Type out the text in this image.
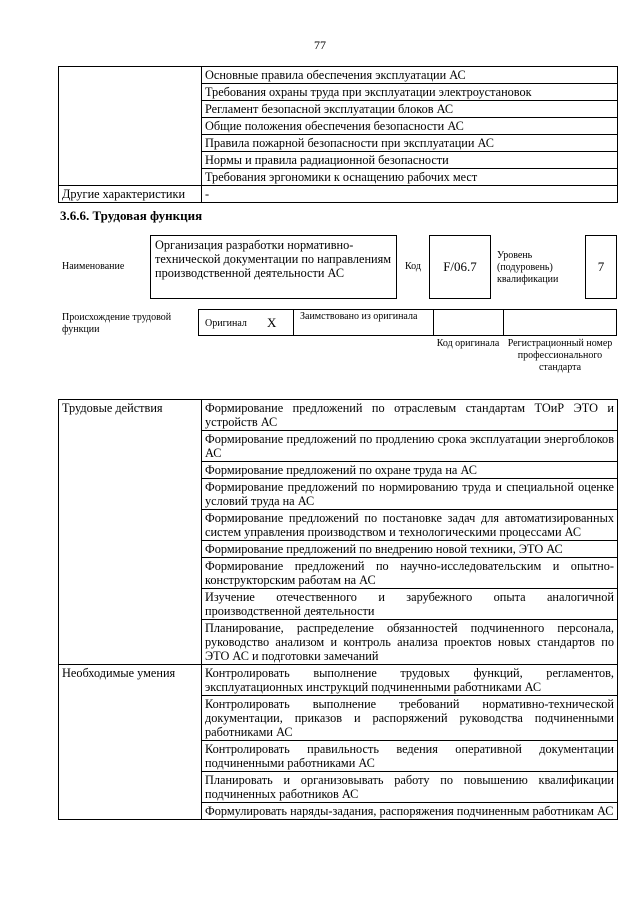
77
	Основные правила обеспечения эксплуатации АС
	Требования охраны труда при эксплуатации электроустановок
	Регламент безопасной эксплуатации блоков АС
	Общие положения обеспечения безопасности АС
	Правила пожарной безопасности при эксплуатации АС
	Нормы и правила радиационной безопасности
	Требования эргономики к оснащению рабочих мест
Другие характеристики	-
3.6.6. Трудовая функция
Наименование
Организация разработки нормативно-технической документации по направлениям производственной деятельности АС	Код	F/06.7
Уровень (подуровень) квалификации
7
Происхождение трудовой функции
Оригинал X Заимствовано из оригинала
Код оригинала Регистрационный номер профессионального стандарта
Трудовые действия	Формирование предложений по отраслевым стандартам ТОиР ЭТО и устройств АС
	Формирование предложений по продлению срока эксплуатации энергоблоков АС
	Формирование предложений по охране труда на АС
	Формирование предложений по нормированию труда и специальной оценке условий труда на АС
	Формирование предложений по постановке задач для автоматизированных систем управления производством и технологическими процессами АС
	Формирование предложений по внедрению новой техники, ЭТО АС
	Формирование предложений по научно-исследовательским и опытно-конструкторским работам на АС
	Изучение отечественного и зарубежного опыта аналогичной производственной деятельности
	Планирование, распределение обязанностей подчиненного персонала, руководство анализом и контроль анализа проектов новых стандартов по ЭТО АС и подготовки замечаний
Необходимые умения	Контролировать выполнение трудовых функций, регламентов, эксплуатационных инструкций подчиненными работниками АС
	Контролировать выполнение требований нормативно-технической документации, приказов и распоряжений руководства подчиненными работниками АС
	Контролировать правильность ведения оперативной документации подчиненными работниками АС
	Планировать и организовывать работу по повышению квалификации подчиненных работников АС
	Формулировать наряды-задания, распоряжения подчиненным работникам АС
